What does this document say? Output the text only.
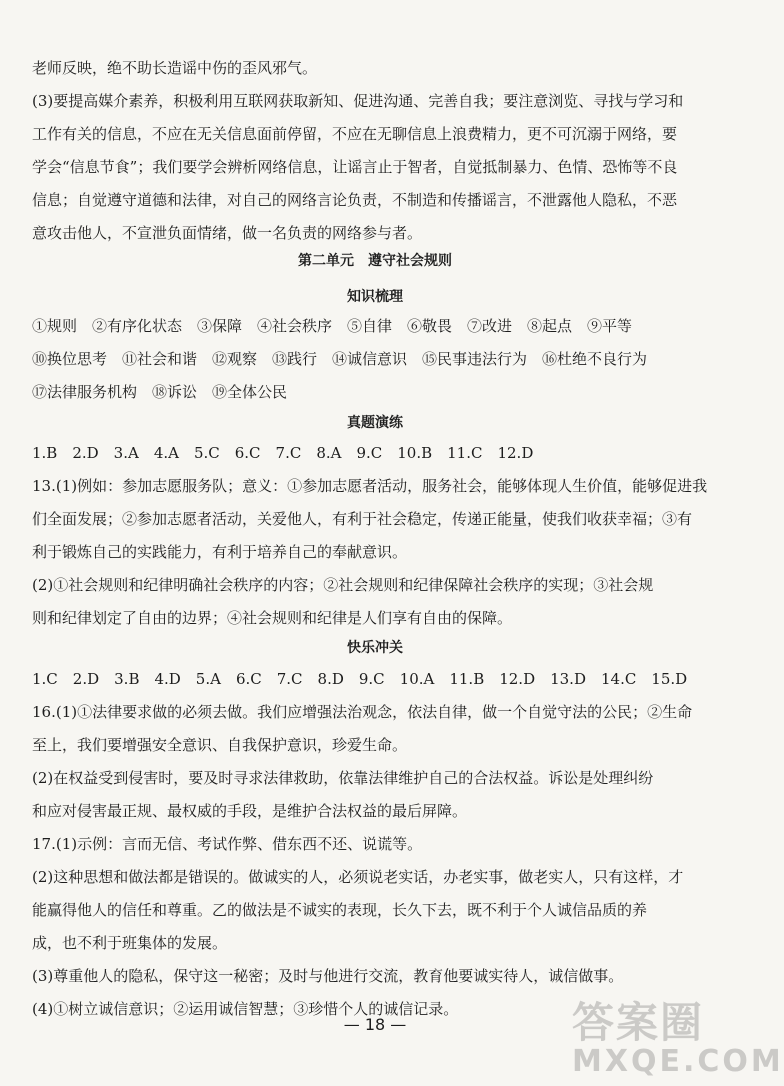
老师反映，绝不助长造谣中伤的歪风邪气。
(3)要提高媒介素养，积极利用互联网获取新知、促进沟通、完善自我；要注意浏览、寻找与学习和
工作有关的信息，不应在无关信息面前停留，不应在无聊信息上浪费精力，更不可沉溺于网络，要
学会“信息节食”；我们要学会辨析网络信息，让谣言止于智者，自觉抵制暴力、色情、恐怖等不良
信息；自觉遵守道德和法律，对自己的网络言论负责，不制造和传播谣言，不泄露他人隐私，不恶
意攻击他人，不宣泄负面情绪，做一名负责的网络参与者。
第二单元　遵守社会规则
知识梳理
①规则　②有序化状态　③保障　④社会秩序　⑤自律　⑥敬畏　⑦改进　⑧起点　⑨平等
⑩换位思考　⑪社会和谐　⑫观察　⑬践行　⑭诚信意识　⑮民事违法行为　⑯杜绝不良行为
⑰法律服务机构　⑱诉讼　⑲全体公民
真题演练
1.B　2.D　3.A　4.A　5.C　6.C　7.C　8.A　9.C　10.B　11.C　12.D
13.(1)例如：参加志愿服务队；意义：①参加志愿者活动，服务社会，能够体现人生价值，能够促进我
们全面发展；②参加志愿者活动，关爱他人，有利于社会稳定，传递正能量，使我们收获幸福；③有
利于锻炼自己的实践能力，有利于培养自己的奉献意识。
(2)①社会规则和纪律明确社会秩序的内容；②社会规则和纪律保障社会秩序的实现；③社会规
则和纪律划定了自由的边界；④社会规则和纪律是人们享有自由的保障。
快乐冲关
1.C　2.D　3.B　4.D　5.A　6.C　7.C　8.D　9.C　10.A　11.B　12.D　13.D　14.C　15.D
16.(1)①法律要求做的必须去做。我们应增强法治观念，依法自律，做一个自觉守法的公民；②生命
至上，我们要增强安全意识、自我保护意识，珍爱生命。
(2)在权益受到侵害时，要及时寻求法律救助，依靠法律维护自己的合法权益。诉讼是处理纠纷
和应对侵害最正规、最权威的手段，是维护合法权益的最后屏障。
17.(1)示例：言而无信、考试作弊、借东西不还、说谎等。
(2)这种思想和做法都是错误的。做诚实的人，必须说老实话，办老实事，做老实人，只有这样，才
能赢得他人的信任和尊重。乙的做法是不诚实的表现，长久下去，既不利于个人诚信品质的养
成，也不利于班集体的发展。
(3)尊重他人的隐私，保守这一秘密；及时与他进行交流，教育他要诚实待人，诚信做事。
(4)①树立诚信意识；②运用诚信智慧；③珍惜个人的诚信记录。
— 18 —	答案圈
MXQE.COM
